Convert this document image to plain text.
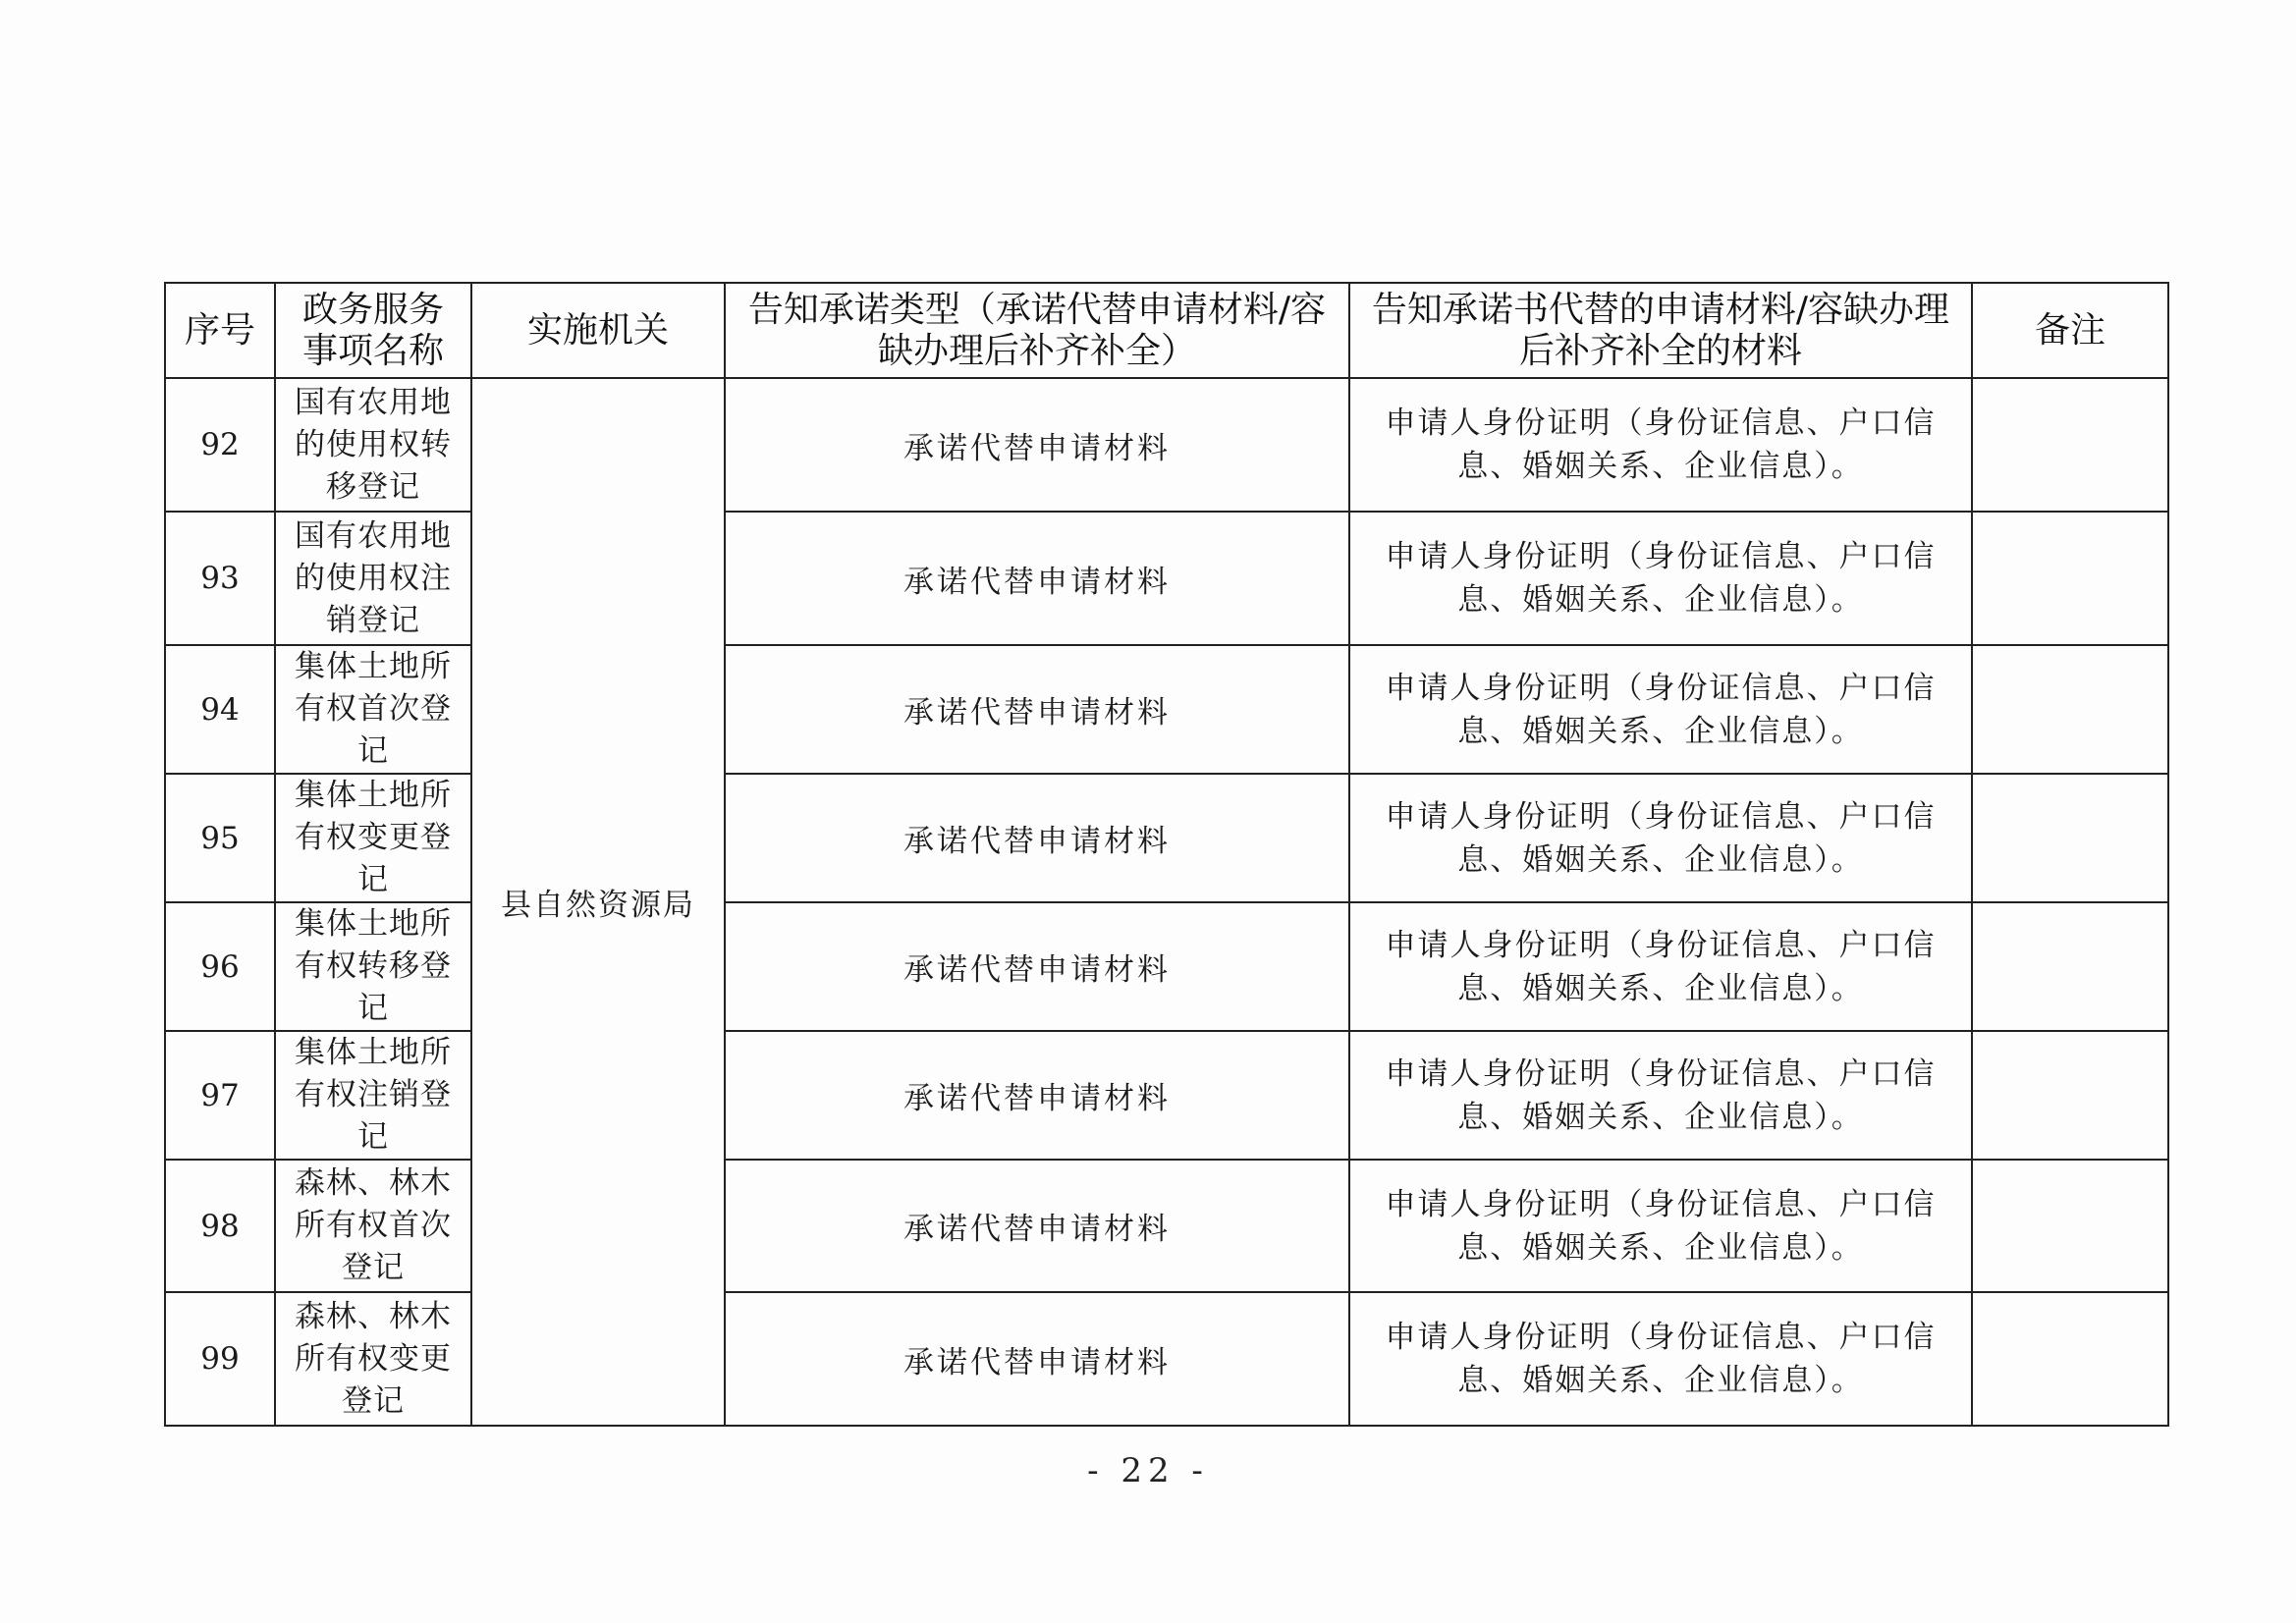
序号	政务服务事项名称	实施机关	告知承诺类型（承诺代替申请材料/容缺办理后补齐补全）	告知承诺书代替的申请材料/容缺办理后补齐补全的材料	备注
92	国有农用地的使用权转移登记	县自然资源局	承诺代替申请材料	申请人身份证明（身份证信息、户口信息、婚姻关系、企业信息）。	
93	国有农用地的使用权注销登记		承诺代替申请材料	申请人身份证明（身份证信息、户口信息、婚姻关系、企业信息）。	
94	集体土地所有权首次登记		承诺代替申请材料	申请人身份证明（身份证信息、户口信息、婚姻关系、企业信息）。	
95	集体土地所有权变更登记		承诺代替申请材料	申请人身份证明（身份证信息、户口信息、婚姻关系、企业信息）。	
96	集体土地所有权转移登记		承诺代替申请材料	申请人身份证明（身份证信息、户口信息、婚姻关系、企业信息）。	
97	集体土地所有权注销登记		承诺代替申请材料	申请人身份证明（身份证信息、户口信息、婚姻关系、企业信息）。	
98	森林、林木所有权首次登记		承诺代替申请材料	申请人身份证明（身份证信息、户口信息、婚姻关系、企业信息）。	
99	森林、林木所有权变更登记		承诺代替申请材料	申请人身份证明（身份证信息、户口信息、婚姻关系、企业信息）。	
- 22 -
